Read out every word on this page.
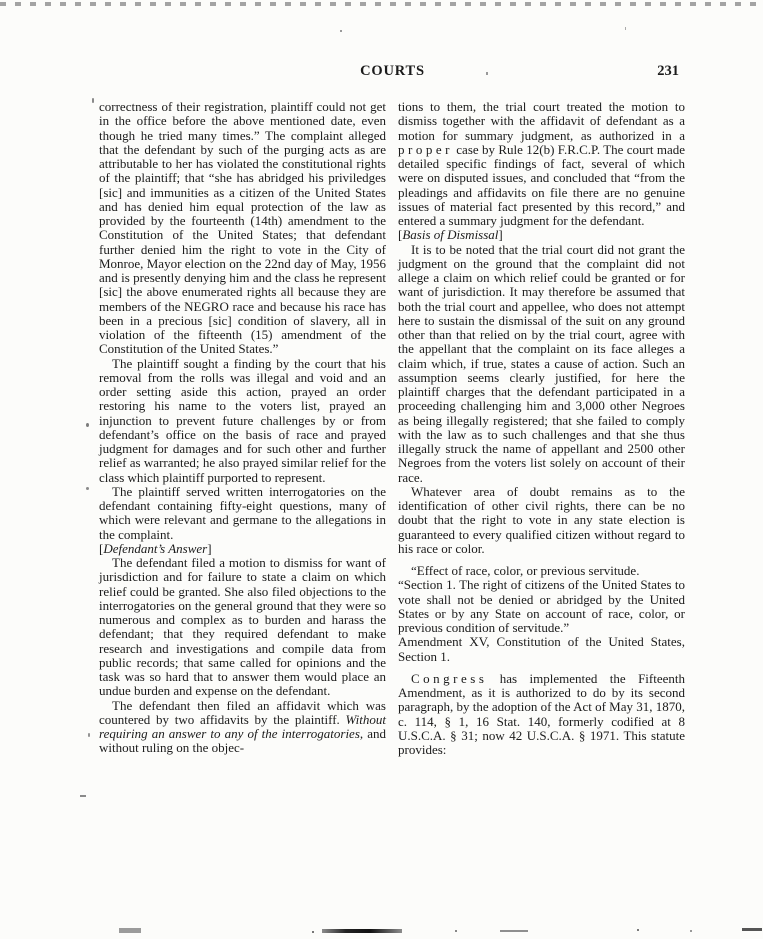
COURTS	231

correctness of their registration, plaintiff could not get in the office before the above mentioned date, even though he tried many times.” The complaint alleged that the defendant by such of the purging acts as are attributable to her has violated the constitutional rights of the plaintiff; that “she has abridged his priviledges [sic] and immunities as a citizen of the United States and has denied him equal protection of the law as provided by the fourteenth (14th) amendment to the Constitution of the United States; that defendant further denied him the right to vote in the City of Monroe, Mayor election on the 22nd day of May, 1956 and is presently denying him and the class he represent [sic] the above enumerated rights all because they are members of the NEGRO race and because his race has been in a precious [sic] condition of slavery, all in violation of the fifteenth (15) amendment of the Constitution of the United States.”

The plaintiff sought a finding by the court that his removal from the rolls was illegal and void and an order setting aside this action, prayed an order restoring his name to the voters list, prayed an injunction to prevent future challenges by or from defendant’s office on the basis of race and prayed judgment for damages and for such other and further relief as warranted; he also prayed similar relief for the class which plaintiff purported to represent.

The plaintiff served written interrogatories on the defendant containing fifty-eight questions, many of which were relevant and germane to the allegations in the complaint.

[Defendant’s Answer]

The defendant filed a motion to dismiss for want of jurisdiction and for failure to state a claim on which relief could be granted. She also filed objections to the interrogatories on the general ground that they were so numerous and complex as to burden and harass the defendant; that they required defendant to make research and investigations and compile data from public records; that same called for opinions and the task was so hard that to answer them would place an undue burden and expense on the defendant.

The defendant then filed an affidavit which was countered by two affidavits by the plaintiff. Without requiring an answer to any of the interrogatories, and without ruling on the objec-

tions to them, the trial court treated the motion to dismiss together with the affidavit of defendant as a motion for summary judgment, as authorized in a proper case by Rule 12(b) F.R.C.P. The court made detailed specific findings of fact, several of which were on disputed issues, and concluded that “from the pleadings and affidavits on file there are no genuine issues of material fact presented by this record,” and entered a summary judgment for the defendant.

[Basis of Dismissal]

It is to be noted that the trial court did not grant the judgment on the ground that the complaint did not allege a claim on which relief could be granted or for want of jurisdiction. It may therefore be assumed that both the trial court and appellee, who does not attempt here to sustain the dismissal of the suit on any ground other than that relied on by the trial court, agree with the appellant that the complaint on its face alleges a claim which, if true, states a cause of action. Such an assumption seems clearly justified, for here the plaintiff charges that the defendant participated in a proceeding challenging him and 3,000 other Negroes as being illegally registered; that she failed to comply with the law as to such challenges and that she thus illegally struck the name of appellant and 2500 other Negroes from the voters list solely on account of their race.

Whatever area of doubt remains as to the identification of other civil rights, there can be no doubt that the right to vote in any state election is guaranteed to every qualified citizen without regard to his race or color.

“Effect of race, color, or previous servitude.

“Section 1. The right of citizens of the United States to vote shall not be denied or abridged by the United States or by any State on account of race, color, or previous condition of servitude.”

Amendment XV, Constitution of the United States, Section 1.

Congress has implemented the Fifteenth Amendment, as it is authorized to do by its second paragraph, by the adoption of the Act of May 31, 1870, c. 114, § 1, 16 Stat. 140, formerly codified at 8 U.S.C.A. § 31; now 42 U.S.C.A. § 1971. This statute provides:
